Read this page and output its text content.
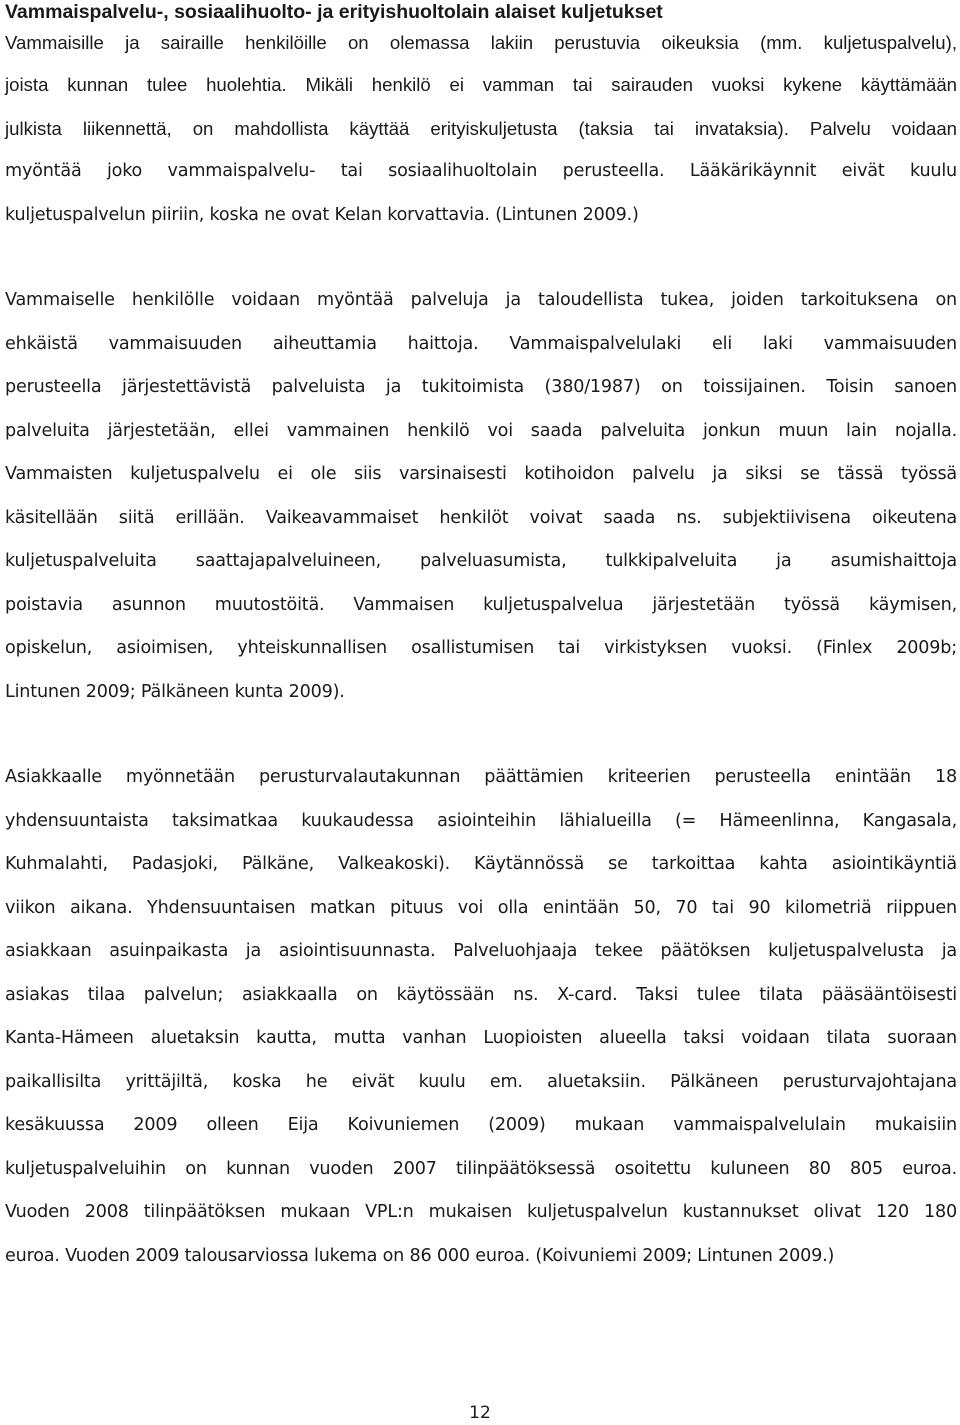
Vammaispalvelu-, sosiaalihuolto- ja erityishuoltolain alaiset kuljetukset

Vammaisille ja sairaille henkilöille on olemassa lakiin perustuvia oikeuksia (mm. kuljetuspalvelu),
joista kunnan tulee huolehtia. Mikäli henkilö ei vamman tai sairauden vuoksi kykene käyttämään
julkista liikennettä, on mahdollista käyttää erityiskuljetusta (taksia tai invataksia). Palvelu voidaan
myöntää joko vammaispalvelu- tai sosiaalihuoltolain perusteella. Lääkärikäynnit eivät kuulu
kuljetuspalvelun piiriin, koska ne ovat Kelan korvattavia. (Lintunen 2009.)

Vammaiselle henkilölle voidaan myöntää palveluja ja taloudellista tukea, joiden tarkoituksena on
ehkäistä vammaisuuden aiheuttamia haittoja. Vammaispalvelulaki eli laki vammaisuuden
perusteella järjestettävistä palveluista ja tukitoimista (380/1987) on toissijainen. Toisin sanoen
palveluita järjestetään, ellei vammainen henkilö voi saada palveluita jonkun muun lain nojalla.
Vammaisten kuljetuspalvelu ei ole siis varsinaisesti kotihoidon palvelu ja siksi se tässä työssä
käsitellään siitä erillään. Vaikeavammaiset henkilöt voivat saada ns. subjektiivisena oikeutena
kuljetuspalveluita saattajapalveluineen, palveluasumista, tulkkipalveluita ja asumishaittoja
poistavia asunnon muutostöitä. Vammaisen kuljetuspalvelua järjestetään työssä käymisen,
opiskelun, asioimisen, yhteiskunnallisen osallistumisen tai virkistyksen vuoksi. (Finlex 2009b;
Lintunen 2009; Pälkäneen kunta 2009).

Asiakkaalle myönnetään perusturvalautakunnan päättämien kriteerien perusteella enintään 18
yhdensuuntaista taksimatkaa kuukaudessa asiointeihin lähialueilla (= Hämeenlinna, Kangasala,
Kuhmalahti, Padasjoki, Pälkäne, Valkeakoski). Käytännössä se tarkoittaa kahta asiointikäyntiä
viikon aikana. Yhdensuuntaisen matkan pituus voi olla enintään 50, 70 tai 90 kilometriä riippuen
asiakkaan asuinpaikasta ja asiointisuunnasta. Palveluohjaaja tekee päätöksen kuljetuspalvelusta ja
asiakas tilaa palvelun; asiakkaalla on käytössään ns. X-card. Taksi tulee tilata pääsääntöisesti
Kanta-Hämeen aluetaksin kautta, mutta vanhan Luopioisten alueella taksi voidaan tilata suoraan
paikallisilta yrittäjiltä, koska he eivät kuulu em. aluetaksiin. Pälkäneen perusturvajohtajana
kesäkuussa 2009 olleen Eija Koivuniemen (2009) mukaan vammaispalvelulain mukaisiin
kuljetuspalveluihin on kunnan vuoden 2007 tilinpäätöksessä osoitettu kuluneen 80 805 euroa.
Vuoden 2008 tilinpäätöksen mukaan VPL:n mukaisen kuljetuspalvelun kustannukset olivat 120 180
euroa. Vuoden 2009 talousarviossa lukema on 86 000 euroa. (Koivuniemi 2009; Lintunen 2009.)

12
